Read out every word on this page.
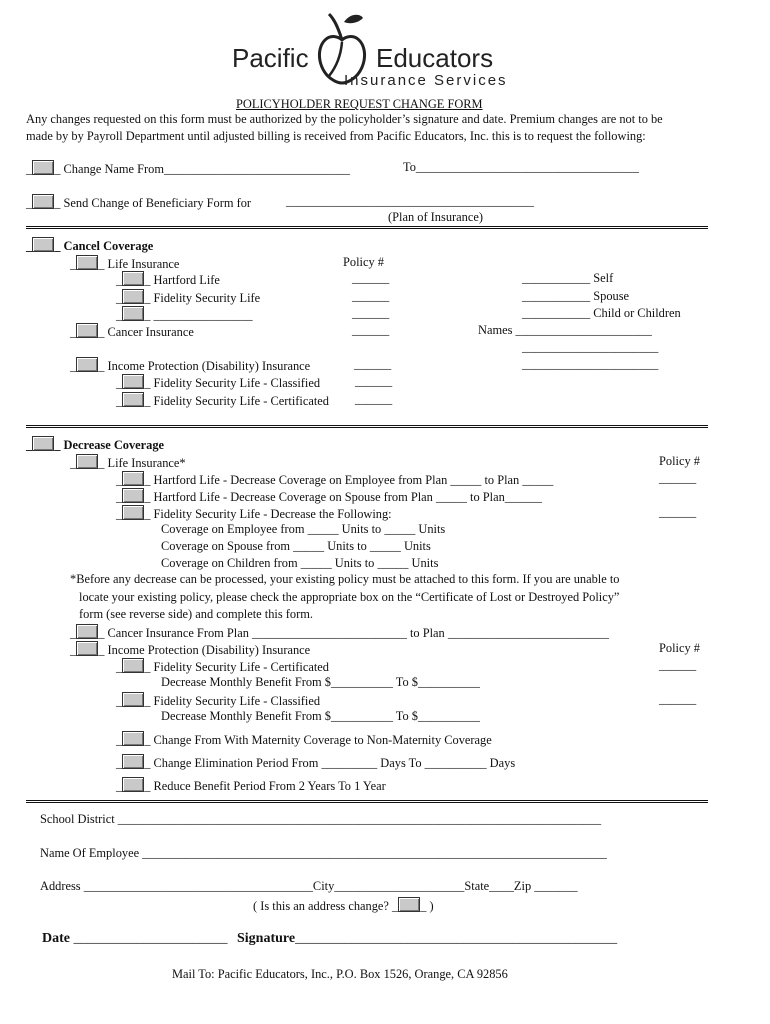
Pacific	Educators
Insurance Services
POLICYHOLDER REQUEST CHANGE FORM
Any changes requested on this form must be authorized by the policyholder’s signature and date. Premium changes are not to be
made by by Payroll Department until adjusted billing is received from Pacific Educators, Inc. this is to request the following:
_ _ Change Name From______________________________	To____________________________________
_ _ Send Change of Beneficiary Form for	________________________________________
(Plan of Insurance)
_ _ Cancel Coverage
_ _ Life Insurance	Policy #
_ _ Hartford Life	______	___________ Self
_ _ Fidelity Security Life	______	___________ Spouse
_ _ ________________	______	___________ Child or Children
_ _ Cancer Insurance	______	Names ______________________
______________________
_ _ Income Protection (Disability) Insurance	______	______________________
_ _ Fidelity Security Life - Classified	______
_ _ Fidelity Security Life - Certificated ______
_ _ Decrease Coverage
_ _ Life Insurance*	Policy #
_ _ Hartford Life - Decrease Coverage on Employee from Plan _____ to Plan _____	______
_ _ Hartford Life - Decrease Coverage on Spouse from Plan _____ to Plan______
_ _ Fidelity Security Life - Decrease the Following:	______
Coverage on Employee from _____ Units to _____ Units
Coverage on Spouse from _____ Units to _____ Units
Coverage on Children from _____ Units to _____ Units
*Before any decrease can be processed, your existing policy must be attached to this form. If you are unable to
locate your existing policy, please check the appropriate box on the “Certificate of Lost or Destroyed Policy”
form (see reverse side) and complete this form.
_ _ Cancer Insurance From Plan _________________________ to Plan __________________________
_ _ Income Protection (Disability) Insurance	Policy #
_ _ Fidelity Security Life - Certificated	______
Decrease Monthly Benefit From $__________ To $__________
_ _ Fidelity Security Life - Classified	______
Decrease Monthly Benefit From $__________ To $__________
_ _ Change From With Maternity Coverage to Non-Maternity Coverage
_ _ Change Elimination Period From _________ Days To __________ Days
_ _ Reduce Benefit Period From 2 Years To 1 Year
School District ______________________________________________________________________________
Name Of Employee ___________________________________________________________________________
Address _____________________________________City_____________________State____Zip _______
( Is this an address change? _ _ )
Date ______________________ Signature______________________________________________
Mail To: Pacific Educators, Inc., P.O. Box 1526, Orange, CA 92856
